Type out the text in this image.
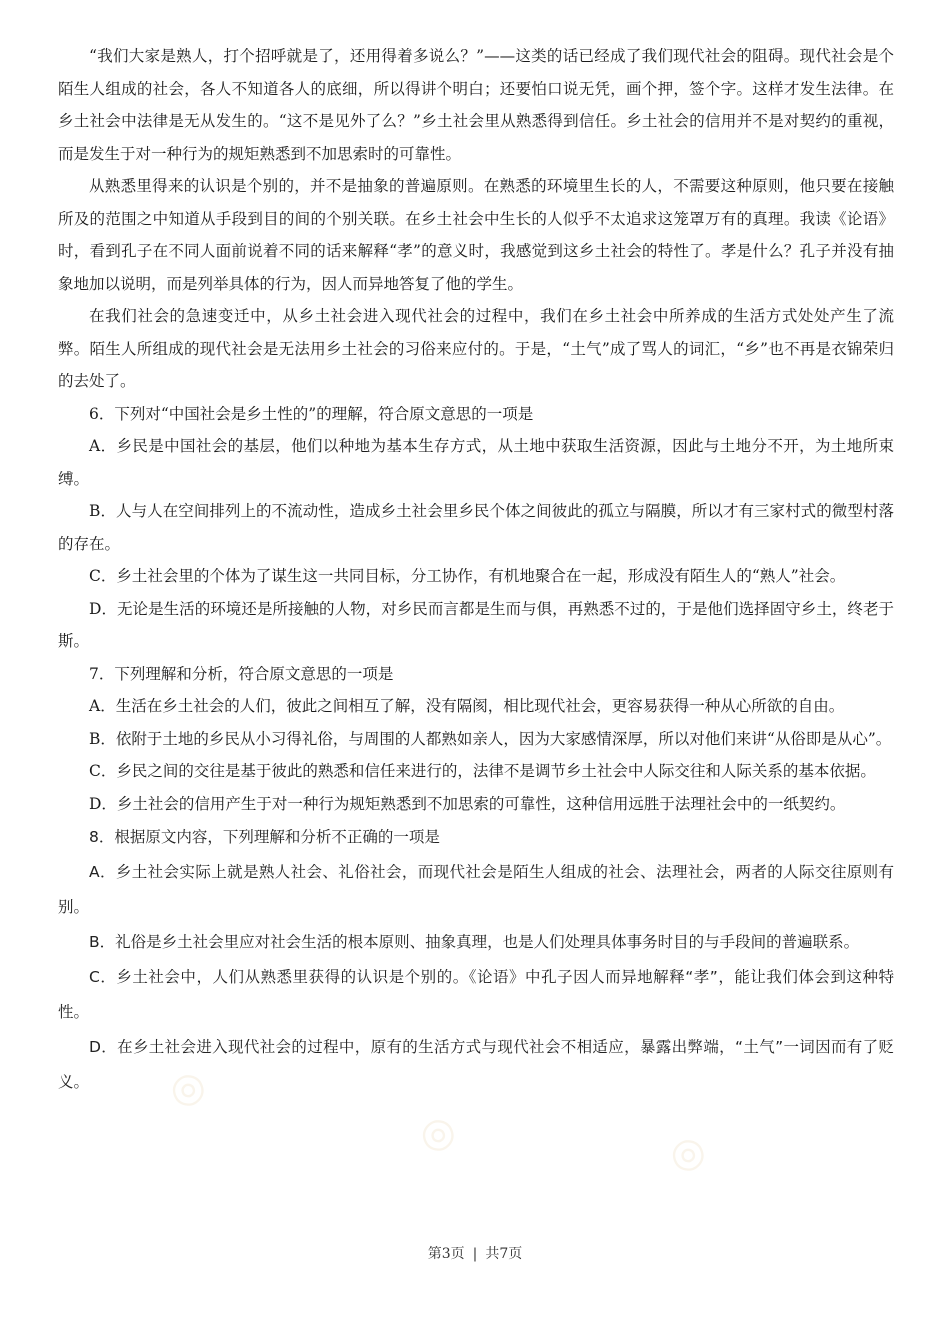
“我们大家是熟人，打个招呼就是了，还用得着多说么？”——这类的话已经成了我们现代社会的阻碍。现代社会是个陌生人组成的社会，各人不知道各人的底细，所以得讲个明白；还要怕口说无凭，画个押，签个字。这样才发生法律。在乡土社会中法律是无从发生的。“这不是见外了么？”乡土社会里从熟悉得到信任。乡土社会的信用并不是对契约的重视，而是发生于对一种行为的规矩熟悉到不加思索时的可靠性。

从熟悉里得来的认识是个别的，并不是抽象的普遍原则。在熟悉的环境里生长的人，不需要这种原则，他只要在接触所及的范围之中知道从手段到目的间的个别关联。在乡土社会中生长的人似乎不太追求这笼罩万有的真理。我读《论语》时，看到孔子在不同人面前说着不同的话来解释“孝”的意义时，我感觉到这乡土社会的特性了。孝是什么？孔子并没有抽象地加以说明，而是列举具体的行为，因人而异地答复了他的学生。

在我们社会的急速变迁中，从乡土社会进入现代社会的过程中，我们在乡土社会中所养成的生活方式处处产生了流弊。陌生人所组成的现代社会是无法用乡土社会的习俗来应付的。于是，“土气”成了骂人的词汇，“乡”也不再是衣锦荣归的去处了。

6．下列对“中国社会是乡土性的”的理解，符合原文意思的一项是

A．乡民是中国社会的基层，他们以种地为基本生存方式，从土地中获取生活资源，因此与土地分不开，为土地所束缚。

B．人与人在空间排列上的不流动性，造成乡土社会里乡民个体之间彼此的孤立与隔膜，所以才有三家村式的微型村落的存在。

C．乡土社会里的个体为了谋生这一共同目标，分工协作，有机地聚合在一起，形成没有陌生人的“熟人”社会。

D．无论是生活的环境还是所接触的人物，对乡民而言都是生而与俱，再熟悉不过的，于是他们选择固守乡土，终老于斯。

7．下列理解和分析，符合原文意思的一项是

A．生活在乡土社会的人们，彼此之间相互了解，没有隔阂，相比现代社会，更容易获得一种从心所欲的自由。

B．依附于土地的乡民从小习得礼俗，与周围的人都熟如亲人，因为大家感情深厚，所以对他们来讲“从俗即是从心”。

C．乡民之间的交往是基于彼此的熟悉和信任来进行的，法律不是调节乡土社会中人际交往和人际关系的基本依据。

D．乡土社会的信用产生于对一种行为规矩熟悉到不加思索的可靠性，这种信用远胜于法理社会中的一纸契约。

8．根据原文内容，下列理解和分析不正确的一项是

A．乡土社会实际上就是熟人社会、礼俗社会，而现代社会是陌生人组成的社会、法理社会，两者的人际交往原则有别。

B．礼俗是乡土社会里应对社会生活的根本原则、抽象真理，也是人们处理具体事务时目的与手段间的普遍联系。

C．乡土社会中，人们从熟悉里获得的认识是个别的。《论语》中孔子因人而异地解释“孝”，能让我们体会到这种特性。

D．在乡土社会进入现代社会的过程中，原有的生活方式与现代社会不相适应，暴露出弊端，“土气”一词因而有了贬义。	◎
◎	◎
第3页 | 共7页
